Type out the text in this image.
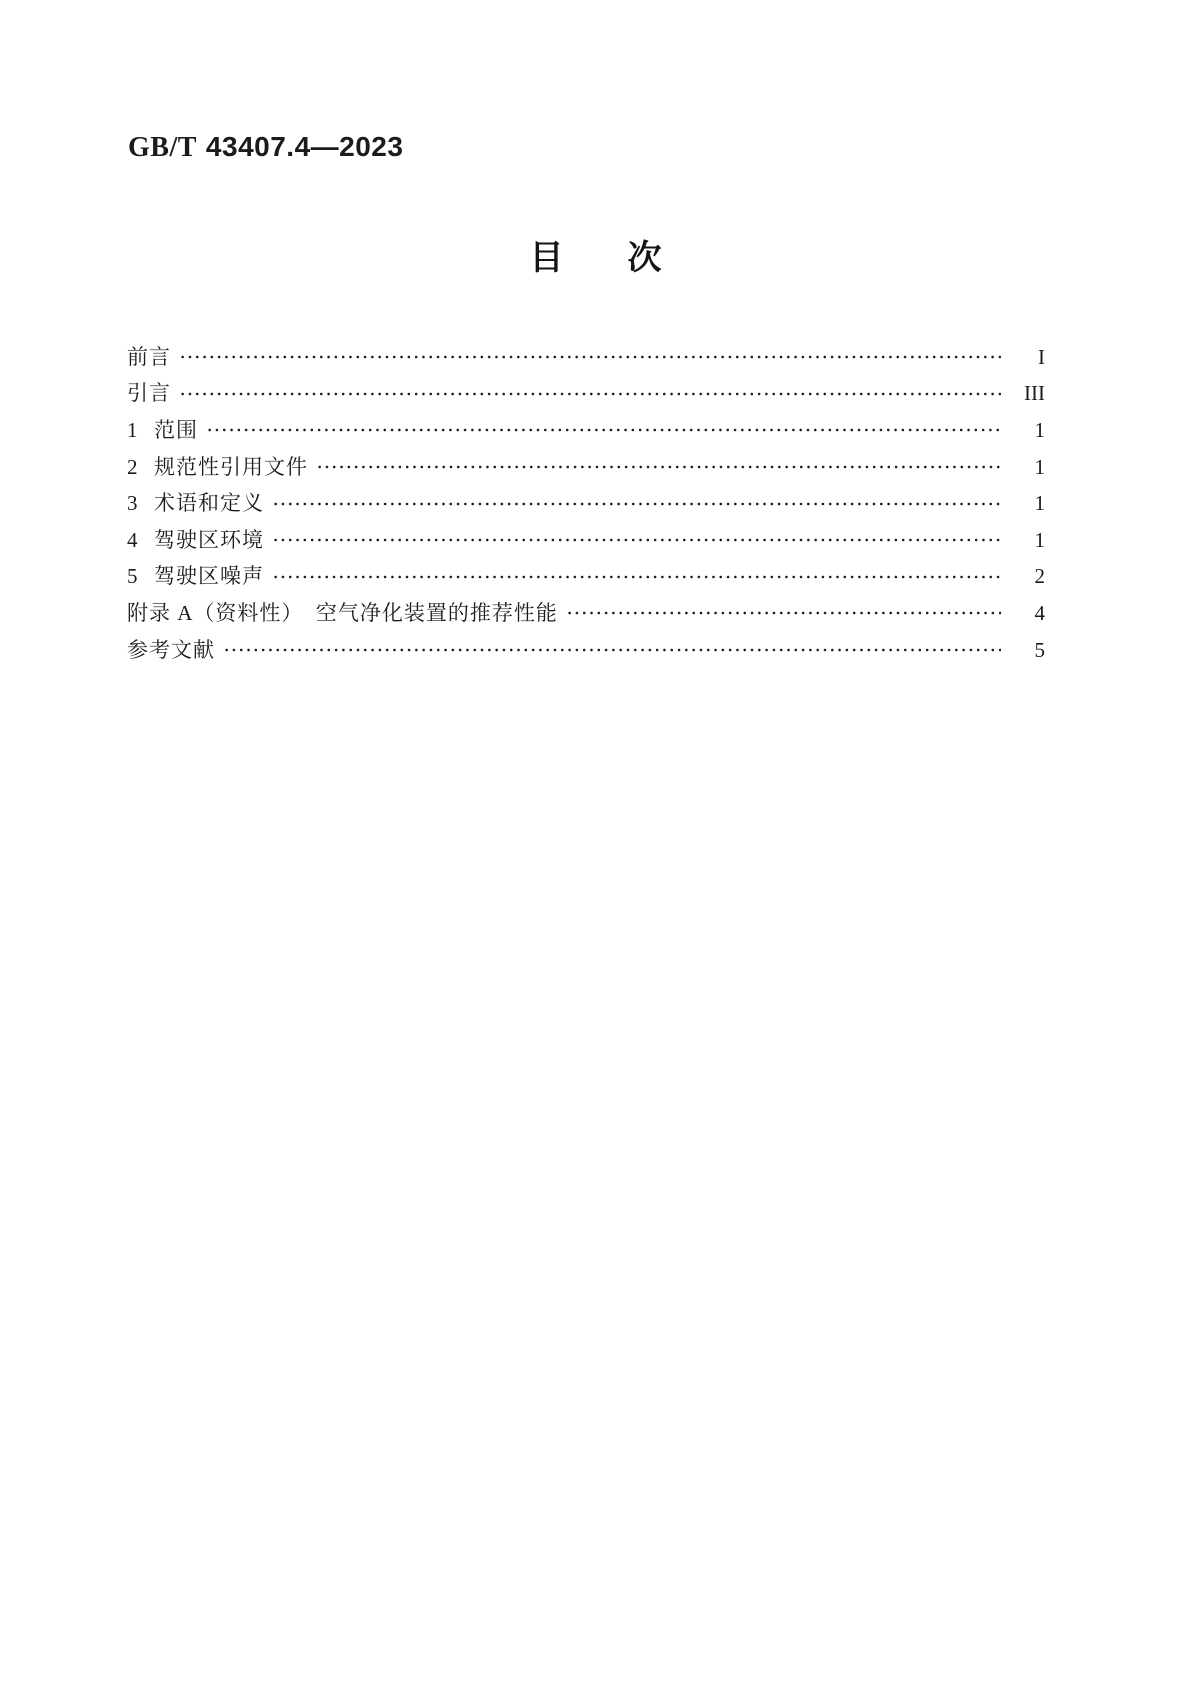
GB/T 43407.4—2023
目 次
前言	I
引言	III
1 范围	1
2 规范性引用文件	1
3 术语和定义	1
4 驾驶区环境	1
5 驾驶区噪声	2
附录 A（资料性）  空气净化装置的推荐性能	4
参考文献	5
